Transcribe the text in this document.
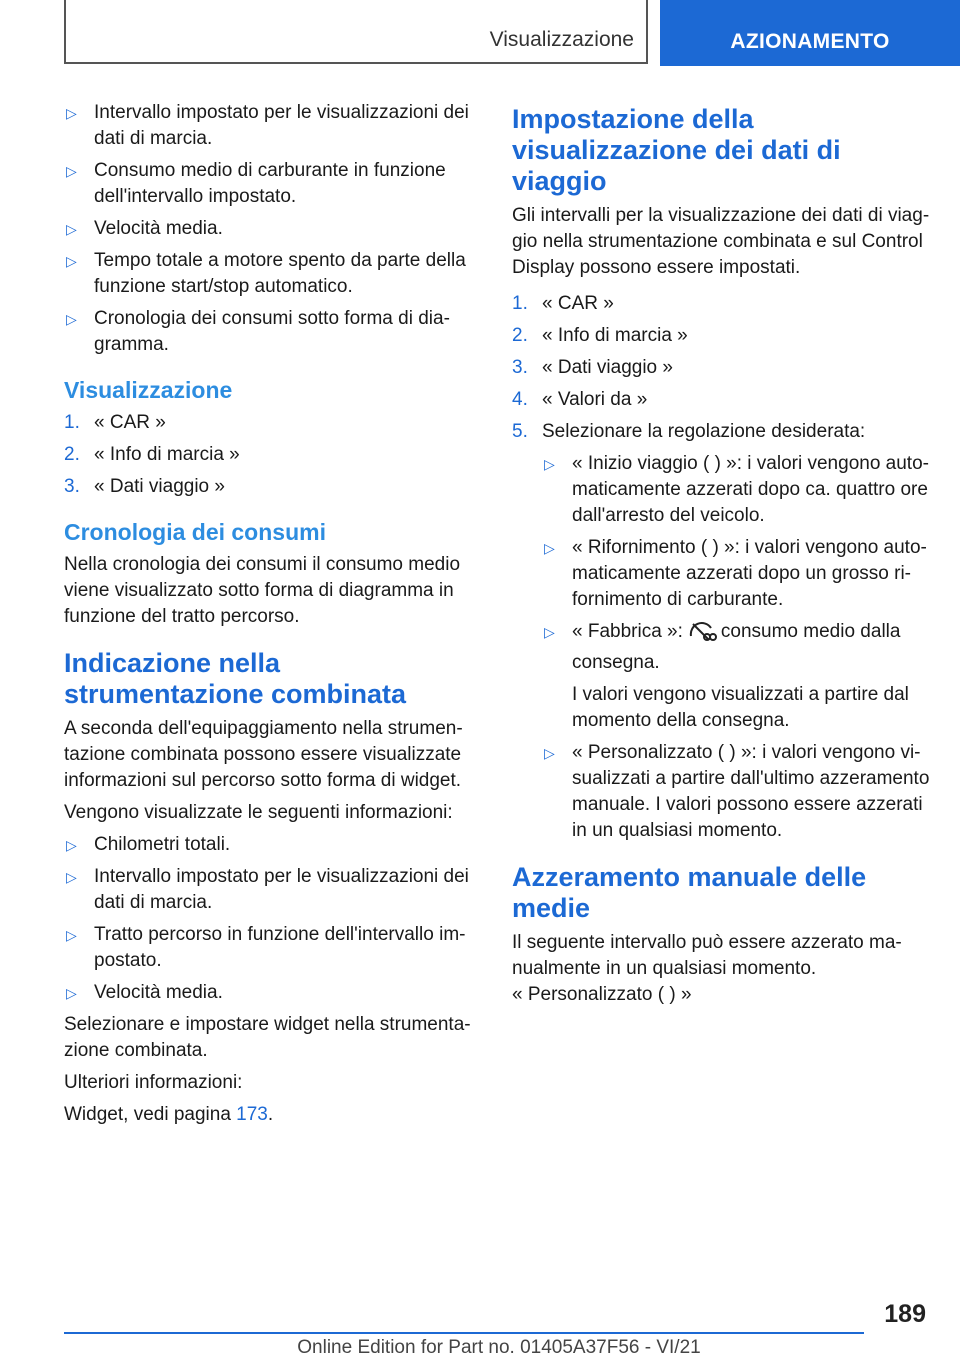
Visualizzazione	AZIONAMENTO
▷ Intervallo impostato per le visualizzazioni dei dati di marcia.
▷ Consumo medio di carburante in funzione dell'intervallo impostato.
▷ Velocità media.
▷ Tempo totale a motore spento da parte della funzione start/stop automatico.
▷ Cronologia dei consumi sotto forma di diagramma.
Visualizzazione
1. « CAR »
2. « Info di marcia »
3. « Dati viaggio »
Cronologia dei consumi

Nella cronologia dei consumi il consumo medio viene visualizzato sotto forma di diagramma in funzione del tratto percorso.

Indicazione nella strumentazione combinata

A seconda dell'equipaggiamento nella strumentazione combinata possono essere visualizzate informazioni sul percorso sotto forma di widget.

Vengono visualizzate le seguenti informazioni:

▷ Chilometri totali.
▷ Intervallo impostato per le visualizzazioni dei dati di marcia.
▷ Tratto percorso in funzione dell'intervallo impostato.
▷ Velocità media.

Selezionare e impostare widget nella strumentazione combinata.

Ulteriori informazioni:

Widget, vedi pagina 173.

Impostazione della visualizzazione dei dati di viaggio

Gli intervalli per la visualizzazione dei dati di viaggio nella strumentazione combinata e sul Control Display possono essere impostati.

1. « CAR »
2. « Info di marcia »
3. « Dati viaggio »
4. « Valori da »
5. Selezionare la regolazione desiderata:
▷ « Inizio viaggio ( ) »: i valori vengono automaticamente azzerati dopo ca. quattro ore dall'arresto del veicolo.
▷ « Rifornimento ( ) »: i valori vengono automaticamente azzerati dopo un grosso rifornimento di carburante.
▷ « Fabbrica »: consumo medio dalla consegna.
I valori vengono visualizzati a partire dal momento della consegna.
▷ « Personalizzato ( ) »: i valori vengono visualizzati a partire dall'ultimo azzeramento manuale. I valori possono essere azzerati in un qualsiasi momento.
Azzeramento manuale delle medie

Il seguente intervallo può essere azzerato manualmente in un qualsiasi momento.

« Personalizzato ( ) »

189
Online Edition for Part no. 01405A37F56 - VI/21
